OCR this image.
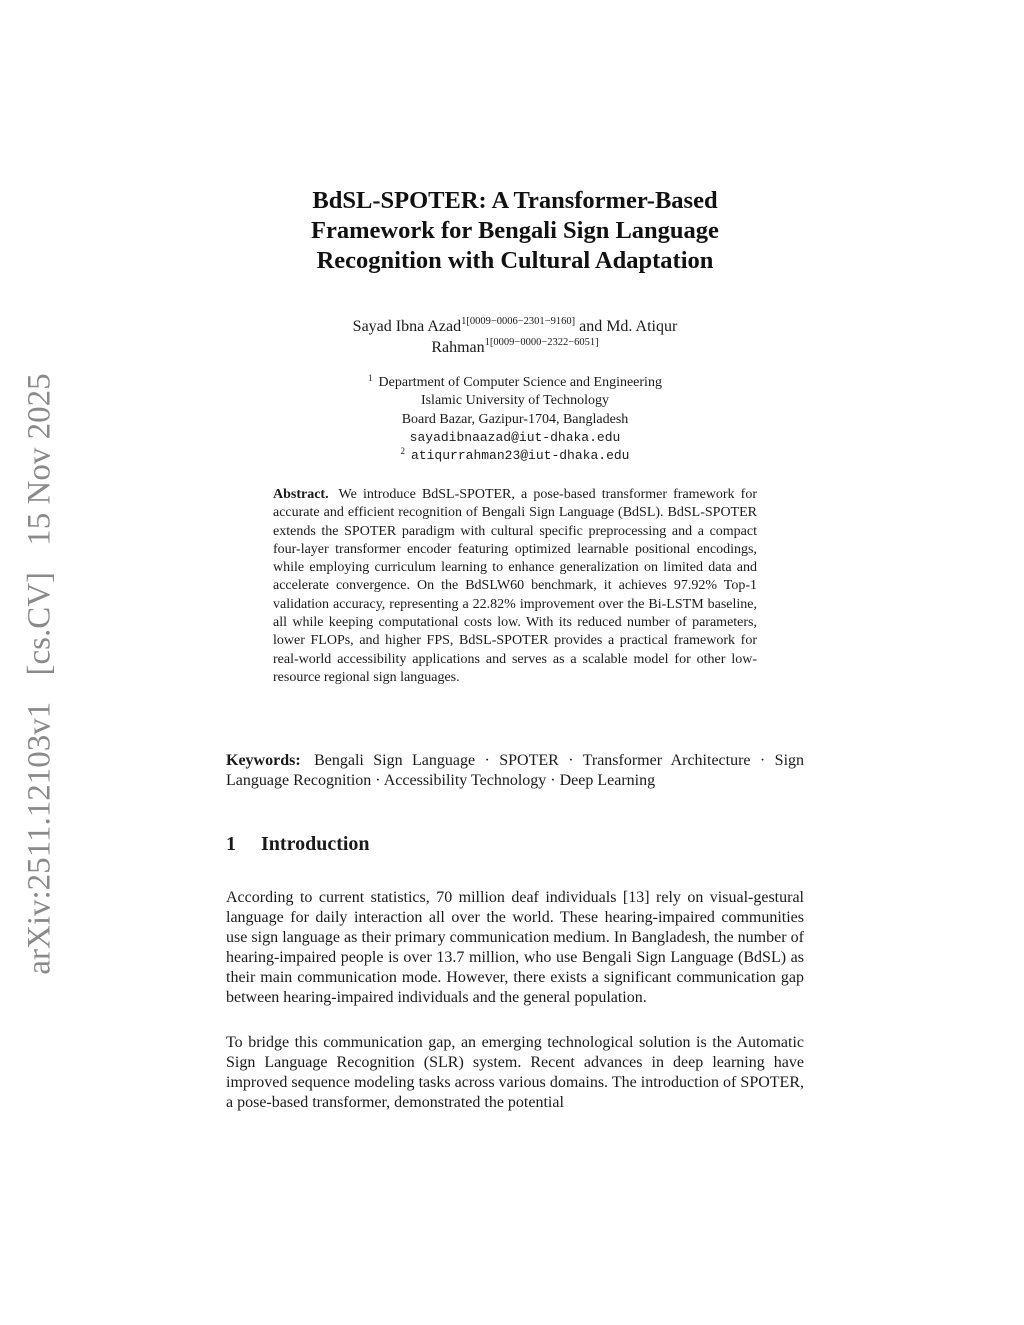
arXiv:2511.12103v1 [cs.CV] 15 Nov 2025
BdSL-SPOTER: A Transformer-Based
Framework for Bengali Sign Language
Recognition with Cultural Adaptation
Sayad Ibna Azad$^{1[0009-0006-2301-9160]}$ and Md. Atiqur
Rahman$^{1[0009-0000-2322-6051]}$
$^1$ Department of Computer Science and Engineering
Islamic University of Technology
Board Bazar, Gazipur-1704, Bangladesh
sayadibnaazad@iut-dhaka.edu
$^2$ atiqurrahman23@iut-dhaka.edu
Abstract. We introduce BdSL-SPOTER, a pose-based transformer framework for accurate and efficient recognition of Bengali Sign Language (BdSL). BdSL-SPOTER extends the SPOTER paradigm with cultural specific preprocessing and a compact four-layer transformer encoder featuring optimized learnable positional encodings, while employing curriculum learning to enhance generalization on limited data and accelerate convergence. On the BdSLW60 benchmark, it achieves 97.92% Top-1 validation accuracy, representing a 22.82% improvement over the Bi-LSTM baseline, all while keeping computational costs low. With its reduced number of parameters, lower FLOPs, and higher FPS, BdSL-SPOTER provides a practical framework for real-world accessibility applications and serves as a scalable model for other low-resource regional sign languages.
Keywords: Bengali Sign Language · SPOTER · Transformer Architecture · Sign Language Recognition · Accessibility Technology · Deep Learning
1 Introduction
According to current statistics, 70 million deaf individuals [13] rely on visual-gestural language for daily interaction all over the world. These hearing-impaired communities use sign language as their primary communication medium. In Bangladesh, the number of hearing-impaired people is over 13.7 million, who use Bengali Sign Language (BdSL) as their main communication mode. However, there exists a significant communication gap between hearing-impaired individuals and the general population.
To bridge this communication gap, an emerging technological solution is the Automatic Sign Language Recognition (SLR) system. Recent advances in deep learning have improved sequence modeling tasks across various domains. The introduction of SPOTER, a pose-based transformer, demonstrated the potential
